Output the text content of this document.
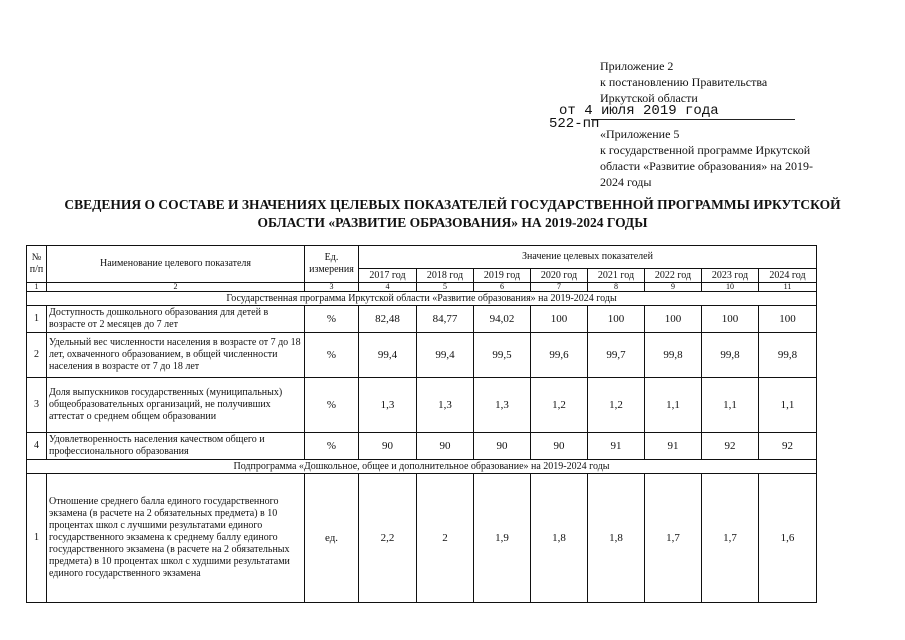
Приложение 2
к постановлению Правительства
Иркутской области
от 4 июля 2019 года
522-пп
«Приложение 5
к государственной программе Иркутской
области «Развитие образования» на 2019-
2024 годы
СВЕДЕНИЯ О СОСТАВЕ И ЗНАЧЕНИЯХ ЦЕЛЕВЫХ ПОКАЗАТЕЛЕЙ ГОСУДАРСТВЕННОЙ ПРОГРАММЫ ИРКУТСКОЙ
ОБЛАСТИ «РАЗВИТИЕ ОБРАЗОВАНИЯ» НА 2019-2024 ГОДЫ
№ п/п	Наименование целевого показателя	Ед. измерения	Значение целевых показателей							
			2017 год	2018 год	2019 год	2020 год	2021 год	2022 год	2023 год	2024 год
1	2	3	4	5	6	7	8	9	10	11
Государственная программа Иркутской области «Развитие образования» на 2019-2024 годы										
1	Доступность дошкольного образования для детей в возрасте от 2 месяцев до 7 лет	%	82,48	84,77	94,02	100	100	100	100	100
2	Удельный вес численности населения в возрасте от 7 до 18 лет, охваченного образованием, в общей численности населения в возрасте от 7 до 18 лет	%	99,4	99,4	99,5	99,6	99,7	99,8	99,8	99,8
3	Доля выпускников государственных (муниципальных) общеобразовательных организаций, не получивших аттестат о среднем общем образовании	%	1,3	1,3	1,3	1,2	1,2	1,1	1,1	1,1
4	Удовлетворенность населения качеством общего и профессионального образования	%	90	90	90	90	91	91	92	92
Подпрограмма «Дошкольное, общее и дополнительное образование» на 2019-2024 годы										
1	Отношение среднего балла единого государственного экзамена (в расчете на 2 обязательных предмета) в 10 процентах школ с лучшими результатами единого государственного экзамена к среднему баллу единого государственного экзамена (в расчете на 2 обязательных предмета) в 10 процентах школ с худшими результатами единого государственного экзамена	ед.	2,2	2	1,9	1,8	1,8	1,7	1,7	1,6
